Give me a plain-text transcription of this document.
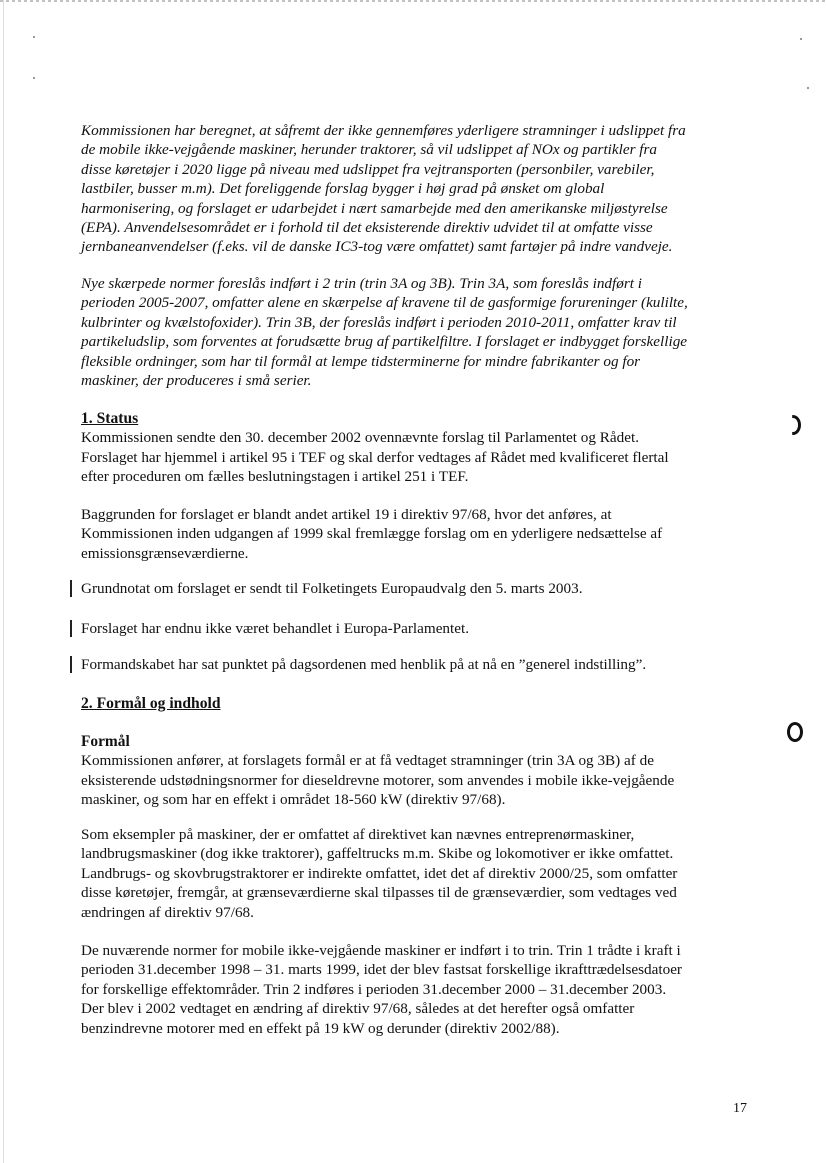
Kommissionen har beregnet, at såfremt der ikke gennemføres yderligere stramninger i udslippet fra
de mobile ikke-vejgående maskiner, herunder traktorer, så vil udslippet af NOx og partikler fra
disse køretøjer i 2020 ligge på niveau med udslippet fra vejtransporten (personbiler, varebiler,
lastbiler, busser m.m). Det foreliggende forslag bygger i høj grad på ønsket om global
harmonisering, og forslaget er udarbejdet i nært samarbejde med den amerikanske miljøstyrelse
(EPA). Anvendelsesområdet er i forhold til det eksisterende direktiv udvidet til at omfatte visse
jernbaneanvendelser (f.eks. vil de danske IC3-tog være omfattet) samt fartøjer på indre vandveje.
Nye skærpede normer foreslås indført i 2 trin (trin 3A og 3B). Trin 3A, som foreslås indført i
perioden 2005-2007, omfatter alene en skærpelse af kravene til de gasformige forureninger (kulilte,
kulbrinter og kvælstofoxider). Trin 3B, der foreslås indført i perioden 2010-2011, omfatter krav til
partikeludslip, som forventes at forudsætte brug af partikelfiltre. I forslaget er indbygget forskellige
fleksible ordninger, som har til formål at lempe tidsterminerne for mindre fabrikanter og for
maskiner, der produceres i små serier.
1. Status
Kommissionen sendte den 30. december 2002 ovennævnte forslag til Parlamentet og Rådet.
Forslaget har hjemmel i artikel 95 i TEF og skal derfor vedtages af Rådet med kvalificeret flertal
efter proceduren om fælles beslutningstagen i artikel 251 i TEF.
Baggrunden for forslaget er blandt andet artikel 19 i direktiv 97/68, hvor det anføres, at
Kommissionen inden udgangen af 1999 skal fremlægge forslag om en yderligere nedsættelse af
emissionsgrænseværdierne.
Grundnotat om forslaget er sendt til Folketingets Europaudvalg den 5. marts 2003.
Forslaget har endnu ikke været behandlet i Europa-Parlamentet.
Formandskabet har sat punktet på dagsordenen med henblik på at nå en ”generel indstilling”.
2. Formål og indhold
Formål
Kommissionen anfører, at forslagets formål er at få vedtaget stramninger (trin 3A og 3B) af de
eksisterende udstødningsnormer for dieseldrevne motorer, som anvendes i mobile ikke-vejgående
maskiner, og som har en effekt i området 18-560 kW (direktiv 97/68).
Som eksempler på maskiner, der er omfattet af direktivet kan nævnes entreprenørmaskiner,
landbrugsmaskiner (dog ikke traktorer), gaffeltrucks m.m. Skibe og lokomotiver er ikke omfattet.
Landbrugs- og skovbrugstraktorer er indirekte omfattet, idet det af direktiv 2000/25, som omfatter
disse køretøjer, fremgår, at grænseværdierne skal tilpasses til de grænseværdier, som vedtages ved
ændringen af direktiv 97/68.
De nuværende normer for mobile ikke-vejgående maskiner er indført i to trin. Trin 1 trådte i kraft i
perioden 31.december 1998 – 31. marts 1999, idet der blev fastsat forskellige ikrafttrædelsesdatoer
for forskellige effektområder. Trin 2 indføres i perioden 31.december 2000 – 31.december 2003.
Der blev i 2002 vedtaget en ændring af direktiv 97/68, således at det herefter også omfatter
benzindrevne motorer med en effekt på 19 kW og derunder (direktiv 2002/88).
17
